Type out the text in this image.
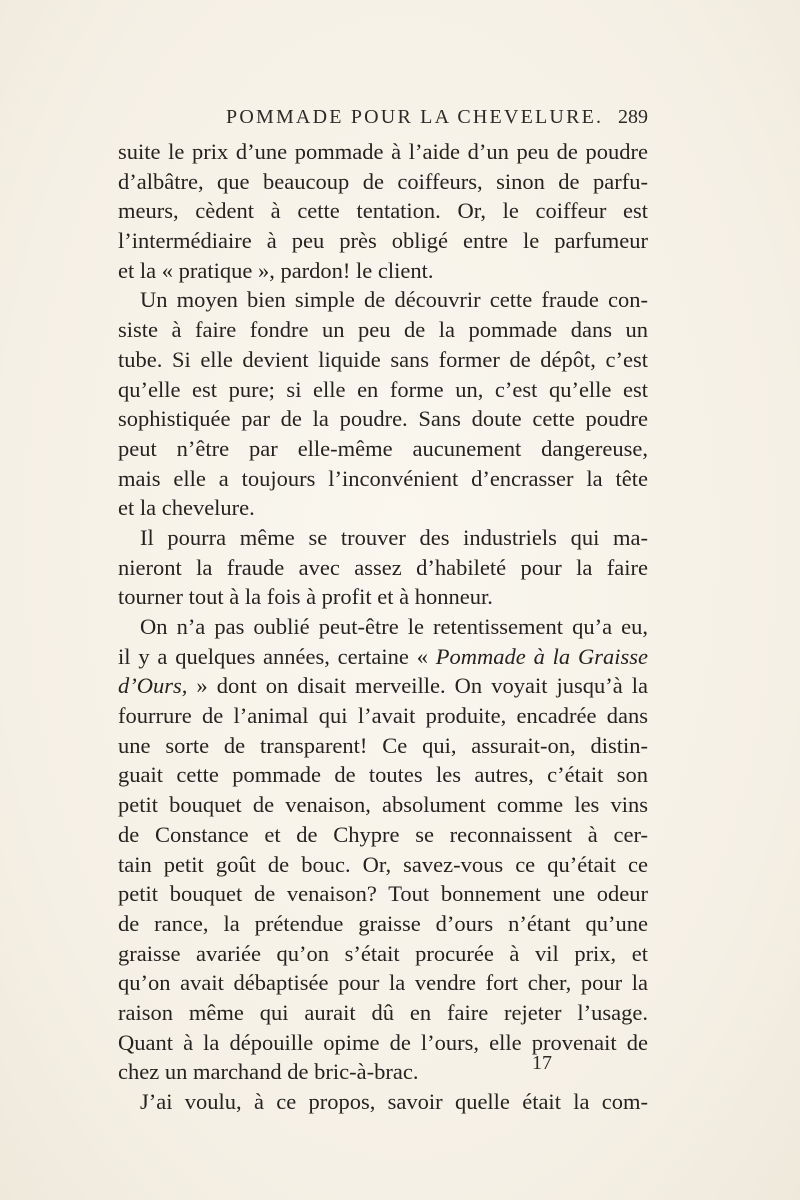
POMMADE POUR LA CHEVELURE. 289
suite le prix d’une pommade à l’aide d’un peu de poudre
d’albâtre, que beaucoup de coiffeurs, sinon de parfu-
meurs, cèdent à cette tentation. Or, le coiffeur est
l’intermédiaire à peu près obligé entre le parfumeur
et la « pratique », pardon! le client.
Un moyen bien simple de découvrir cette fraude con-
siste à faire fondre un peu de la pommade dans un
tube. Si elle devient liquide sans former de dépôt, c’est
qu’elle est pure; si elle en forme un, c’est qu’elle est
sophistiquée par de la poudre. Sans doute cette poudre
peut n’être par elle-même aucunement dangereuse,
mais elle a toujours l’inconvénient d’encrasser la tête
et la chevelure.
Il pourra même se trouver des industriels qui ma-
nieront la fraude avec assez d’habileté pour la faire
tourner tout à la fois à profit et à honneur.
On n’a pas oublié peut-être le retentissement qu’a eu,
il y a quelques années, certaine « Pommade à la Graisse
d’Ours, » dont on disait merveille. On voyait jusqu’à la
fourrure de l’animal qui l’avait produite, encadrée dans
une sorte de transparent! Ce qui, assurait-on, distin-
guait cette pommade de toutes les autres, c’était son
petit bouquet de venaison, absolument comme les vins
de Constance et de Chypre se reconnaissent à cer-
tain petit goût de bouc. Or, savez-vous ce qu’était ce
petit bouquet de venaison? Tout bonnement une odeur
de rance, la prétendue graisse d’ours n’étant qu’une
graisse avariée qu’on s’était procurée à vil prix, et
qu’on avait débaptisée pour la vendre fort cher, pour la
raison même qui aurait dû en faire rejeter l’usage.
Quant à la dépouille opime de l’ours, elle provenait de
chez un marchand de bric-à-brac.
J’ai voulu, à ce propos, savoir quelle était la com-
17
